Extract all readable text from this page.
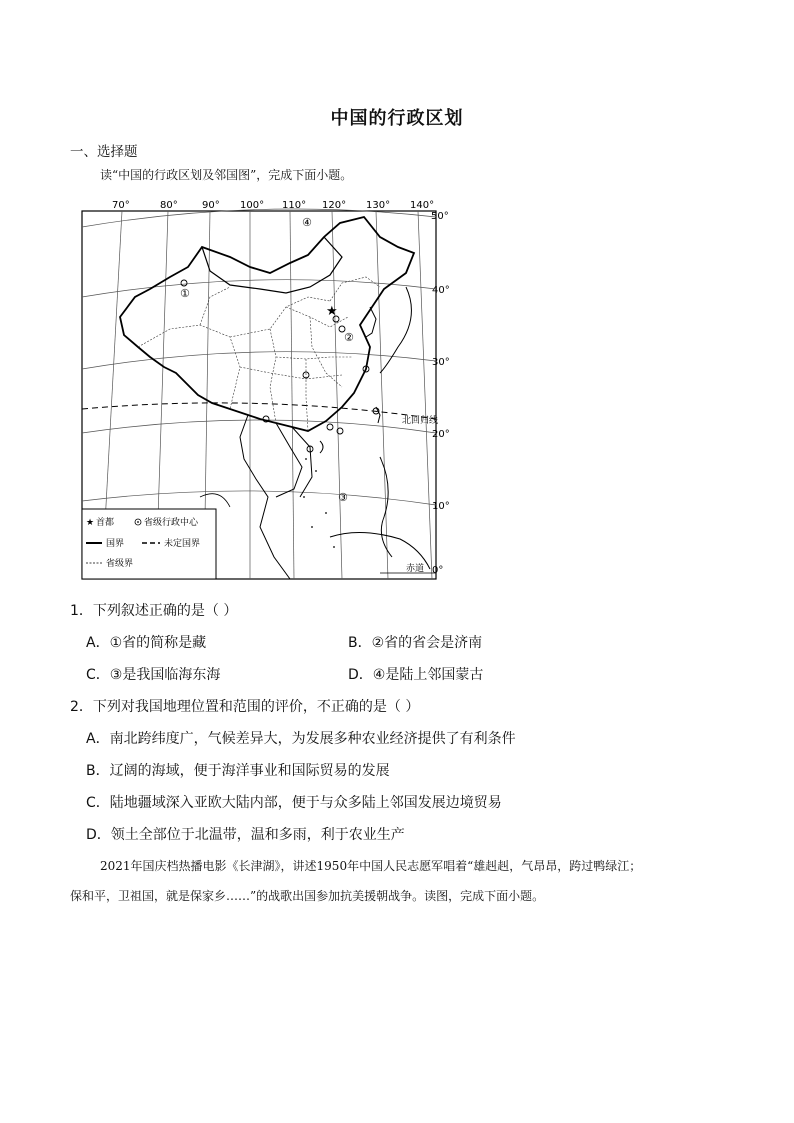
中国的行政区划
一、选择题
读“中国的行政区划及邻国图”，完成下面小题。
70°	80° 90° 100° 110°
④
120° 130° 140°
50°
40°
30°
20°
10°
0°
北回归线
★
①
②
③
赤道
★ 首都	省级行政中心
国界	未定国界
省级界
1．下列叙述正确的是（ ）
A．①省的简称是藏	B．②省的省会是济南
C．③是我国临海东海	D．④是陆上邻国蒙古
2．下列对我国地理位置和范围的评价，不正确的是（ ）
A．南北跨纬度广，气候差异大，为发展多种农业经济提供了有利条件
B．辽阔的海域，便于海洋事业和国际贸易的发展
C．陆地疆域深入亚欧大陆内部，便于与众多陆上邻国发展边境贸易
D．领土全部位于北温带，温和多雨，利于农业生产
2021年国庆档热播电影《长津湖》，讲述1950年中国人民志愿军唱着“雄赳赳，气昂昂，跨过鸭绿江；
保和平，卫祖国，就是保家乡……”的战歌出国参加抗美援朝战争。读图，完成下面小题。
